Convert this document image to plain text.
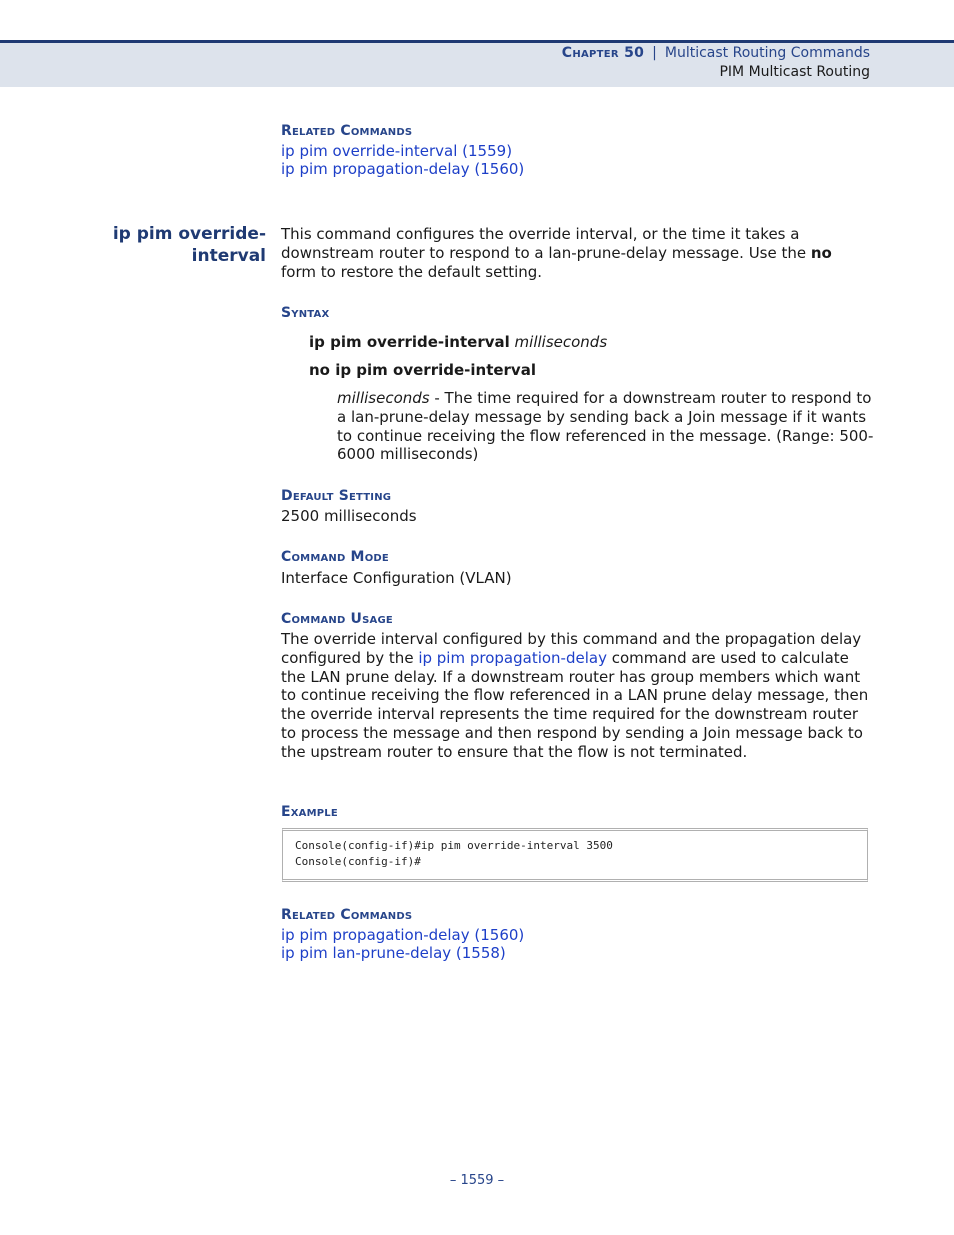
Chapter 50 | Multicast Routing Commands
PIM Multicast Routing
Related Commands
ip pim override-interval (1559)
ip pim propagation-delay (1560)
ip pim override-
interval
This command configures the override interval, or the time it takes a downstream router to respond to a lan-prune-delay message. Use the no form to restore the default setting.
Syntax
ip pim override-interval milliseconds
no ip pim override-interval
milliseconds - The time required for a downstream router to respond to a lan-prune-delay message by sending back a Join message if it wants to continue receiving the flow referenced in the message. (Range: 500-6000 milliseconds)
Default Setting
2500 milliseconds
Command Mode
Interface Configuration (VLAN)
Command Usage
The override interval configured by this command and the propagation delay configured by the ip pim propagation-delay command are used to calculate the LAN prune delay. If a downstream router has group members which want to continue receiving the flow referenced in a LAN prune delay message, then the override interval represents the time required for the downstream router to process the message and then respond by sending a Join message back to the upstream router to ensure that the flow is not terminated.
Example
Console(config-if)#ip pim override-interval 3500
Console(config-if)#
Related Commands
ip pim propagation-delay (1560)
ip pim lan-prune-delay (1558)
– 1559 –
